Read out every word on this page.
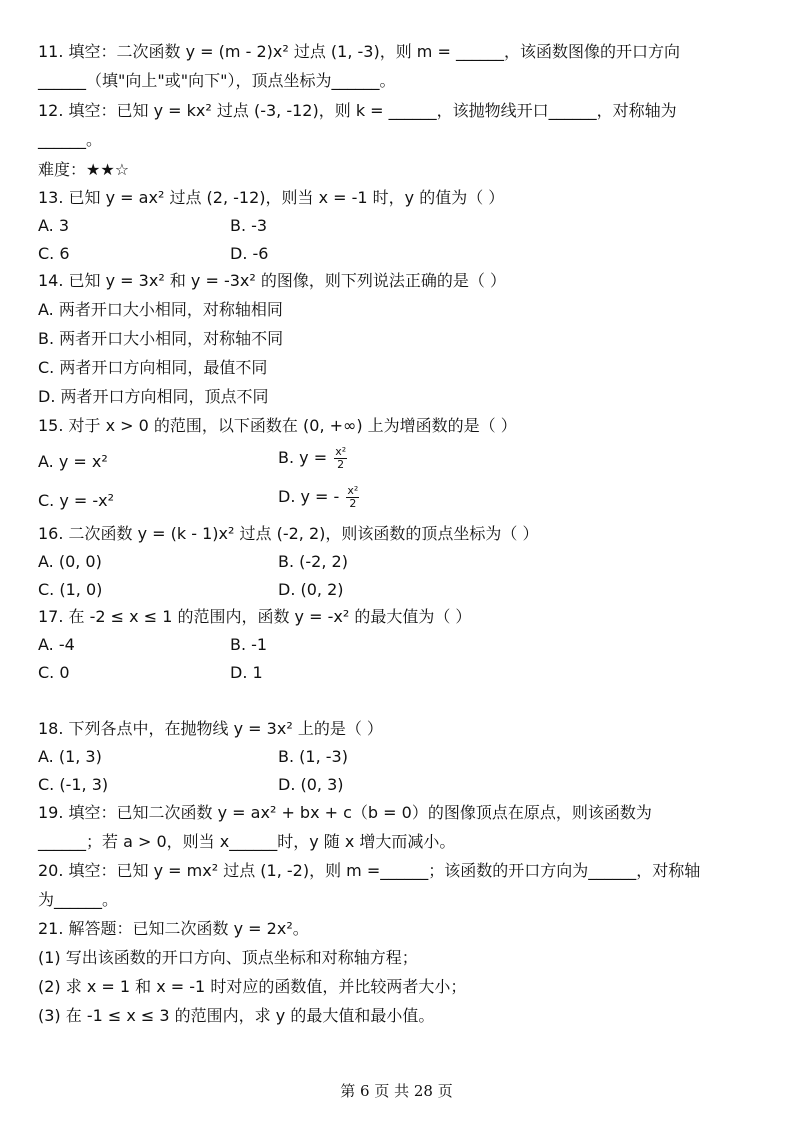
11. 填空：二次函数 y = (m - 2)x² 过点 (1, -3)，则 m = ______，该函数图像的开口方向
______（填"向上"或"向下"），顶点坐标为______。
12. 填空：已知 y = kx² 过点 (-3, -12)，则 k = ______，该抛物线开口______，对称轴为
______。
难度：★★☆
13. 已知 y = ax² 过点 (2, -12)，则当 x = -1 时，y 的值为（ ）
A. 3	B. -3
C. 6	D. -6
14. 已知 y = 3x² 和 y = -3x² 的图像，则下列说法正确的是（ ）
A. 两者开口大小相同，对称轴相同
B. 两者开口大小相同，对称轴不同
C. 两者开口方向相同，最值不同
D. 两者开口方向相同，顶点不同
15. 对于 x > 0 的范围，以下函数在 (0, +∞) 上为增函数的是（ ）
A. y = x²	B. $y = \frac{\text{x²}}{2}$
C. y = -x²	D. y = - $\frac{\text{x²}}{2}$
16. 二次函数 y = (k - 1)x² 过点 (-2, 2)，则该函数的顶点坐标为（ ）
A. (0, 0)	B. (-2, 2)
C. (1, 0)	D. (0, 2)
17. 在 -2 ≤ x ≤ 1 的范围内，函数 y = -x² 的最大值为（ ）
A. -4	B. -1
C. 0	D. 1
18. 下列各点中，在抛物线 y = 3x² 上的是（ ）
A. (1, 3)	B. (1, -3)
C. (-1, 3)	D. (0, 3)
19. 填空：已知二次函数 y = ax² + bx + c（b = 0）的图像顶点在原点，则该函数为
______；若 a > 0，则当 x______时，y 随 x 增大而减小。
20. 填空：已知 y = mx² 过点 (1, -2)，则 m =______；该函数的开口方向为______，对称轴
为______。
21. 解答题：已知二次函数 y = 2x²。
(1) 写出该函数的开口方向、顶点坐标和对称轴方程；
(2) 求 x = 1 和 x = -1 时对应的函数值，并比较两者大小；
(3) 在 -1 ≤ x ≤ 3 的范围内，求 y 的最大值和最小值。
第 6 页 共 28 页
